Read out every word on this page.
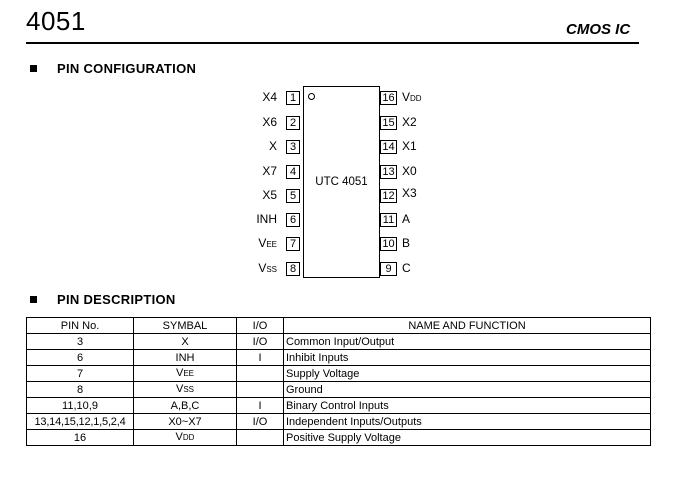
4051	CMOS IC
PIN CONFIGURATION
UTC 4051
X4	1
X6	2
X	3
X7	4
X5	5
INH	6
VEE	7
VSS	8
16 VDD
15 X2
14 X1
13 X0
12 X3
11 A
10 B
9 C
PIN DESCRIPTION
PIN No.	SYMBAL	I/O	NAME AND FUNCTION
3	X	I/O	Common Input/Output
6	INH	I	Inhibit Inputs
7	VEE		Supply Voltage
8	VSS		Ground
11,10,9	A,B,C	I	Binary Control Inputs
13,14,15,12,1,5,2,4	X0~X7	I/O	Independent Inputs/Outputs
16	VDD		Positive Supply Voltage
